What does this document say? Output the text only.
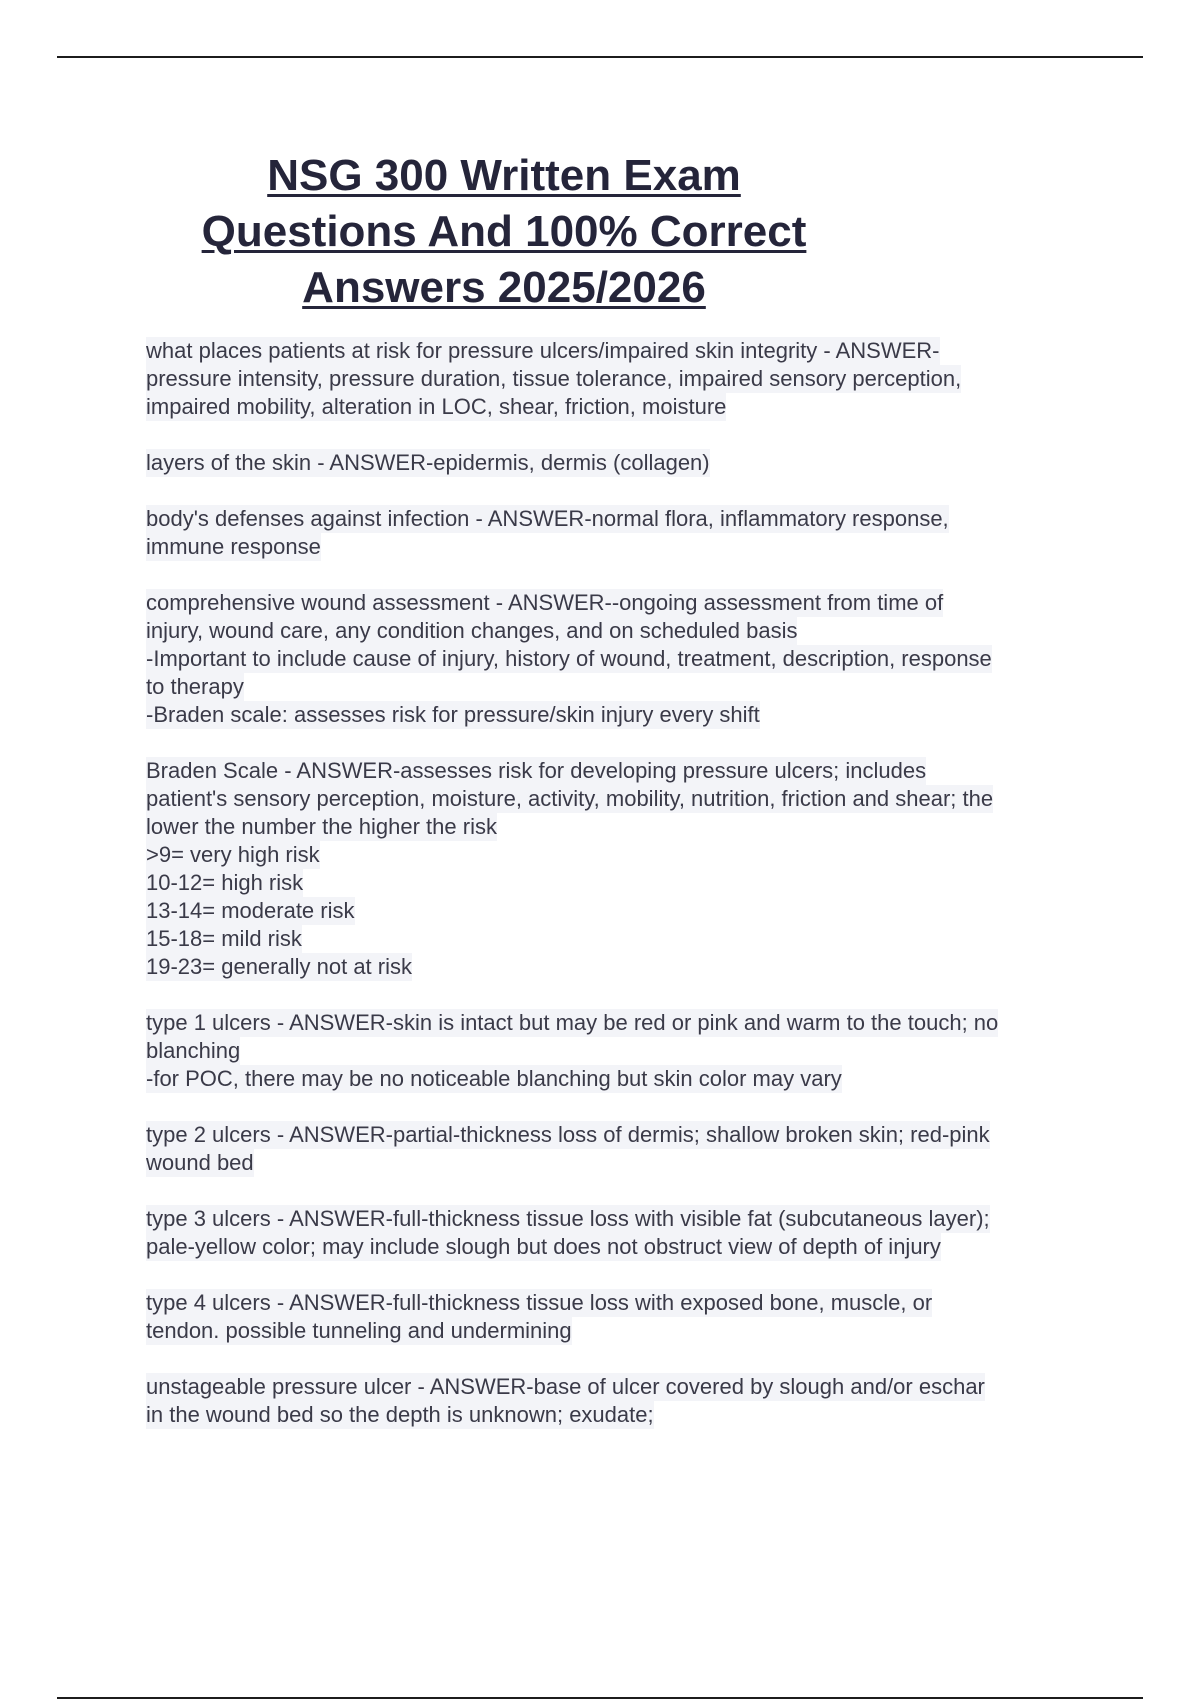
NSG 300 Written Exam
Questions And 100% Correct
Answers 2025/2026
what places patients at risk for pressure ulcers/impaired skin integrity - ANSWER-
pressure intensity, pressure duration, tissue tolerance, impaired sensory perception,
impaired mobility, alteration in LOC, shear, friction, moisture
layers of the skin - ANSWER-epidermis, dermis (collagen)
body's defenses against infection - ANSWER-normal flora, inflammatory response,
immune response
comprehensive wound assessment - ANSWER--ongoing assessment from time of
injury, wound care, any condition changes, and on scheduled basis
-Important to include cause of injury, history of wound, treatment, description, response
to therapy
-Braden scale: assesses risk for pressure/skin injury every shift
Braden Scale - ANSWER-assesses risk for developing pressure ulcers; includes
patient's sensory perception, moisture, activity, mobility, nutrition, friction and shear; the
lower the number the higher the risk
>9= very high risk
10-12= high risk
13-14= moderate risk
15-18= mild risk
19-23= generally not at risk
type 1 ulcers - ANSWER-skin is intact but may be red or pink and warm to the touch; no
blanching
-for POC, there may be no noticeable blanching but skin color may vary
type 2 ulcers - ANSWER-partial-thickness loss of dermis; shallow broken skin; red-pink
wound bed
type 3 ulcers - ANSWER-full-thickness tissue loss with visible fat (subcutaneous layer);
pale-yellow color; may include slough but does not obstruct view of depth of injury
type 4 ulcers - ANSWER-full-thickness tissue loss with exposed bone, muscle, or
tendon. possible tunneling and undermining
unstageable pressure ulcer - ANSWER-base of ulcer covered by slough and/or eschar
in the wound bed so the depth is unknown; exudate;
